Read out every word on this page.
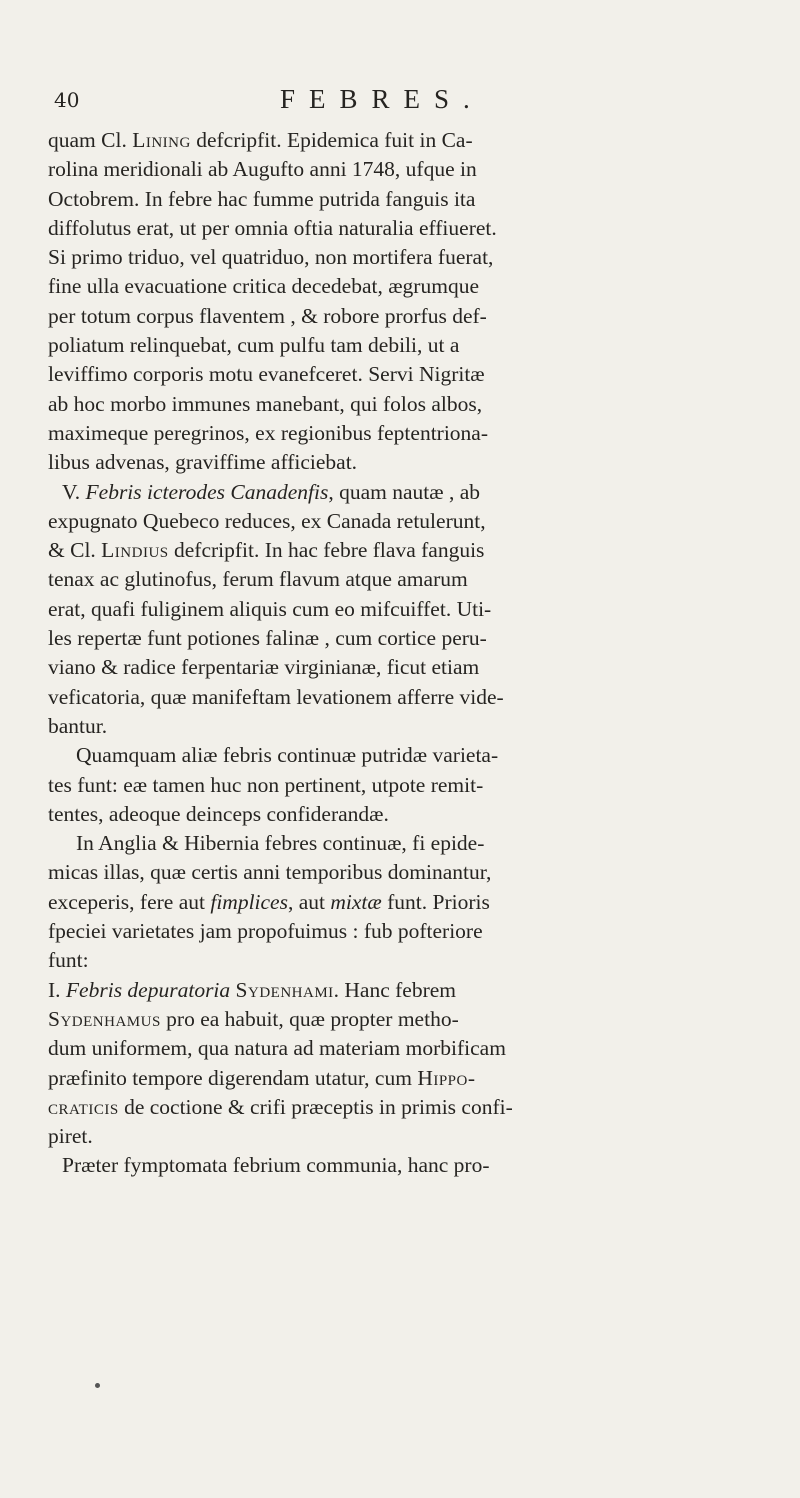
40	FEBRES.
quam Cl. Lining defcripfit. Epidemica fuit in Ca-
rolina meridionali ab Augufto anni 1748, ufque in
Octobrem. In febre hac fumme putrida fanguis ita
diffolutus erat, ut per omnia oftia naturalia effiueret.
Si primo triduo, vel quatriduo, non mortifera fuerat,
fine ulla evacuatione critica decedebat, ægrumque
per totum corpus flaventem , & robore prorfus def-
poliatum relinquebat, cum pulfu tam debili, ut a
leviffimo corporis motu evanefceret. Servi Nigritæ
ab hoc morbo immunes manebant, qui folos albos,
maximeque peregrinos, ex regionibus feptentriona-
libus advenas, graviffime afficiebat.
V. Febris icterodes Canadenfis, quam nautæ , ab
expugnato Quebeco reduces, ex Canada retulerunt,
& Cl. Lindius defcripfit. In hac febre flava fanguis
tenax ac glutinofus, ferum flavum atque amarum
erat, quafi fuliginem aliquis cum eo mifcuiffet. Uti-
les repertæ funt potiones falinæ , cum cortice peru-
viano & radice ferpentariæ virginianæ, ficut etiam
veficatoria, quæ manifeftam levationem afferre vide-
bantur.
Quamquam aliæ febris continuæ putridæ varieta-
tes funt: eæ tamen huc non pertinent, utpote remit-
tentes, adeoque deinceps confiderandæ.
In Anglia & Hibernia febres continuæ, fi epide-
micas illas, quæ certis anni temporibus dominantur,
exceperis, fere aut fimplices, aut mixtæ funt. Prioris
fpeciei varietates jam propofuimus : fub pofteriore
funt:
I. Febris depuratoria Sydenhami. Hanc febrem
Sydenhamus pro ea habuit, quæ propter metho-
dum uniformem, qua natura ad materiam morbificam
præfinito tempore digerendam utatur, cum Hippo-
craticis de coctione & crifi præceptis in primis confi-
piret.
Præter fymptomata febrium communia, hanc pro-
